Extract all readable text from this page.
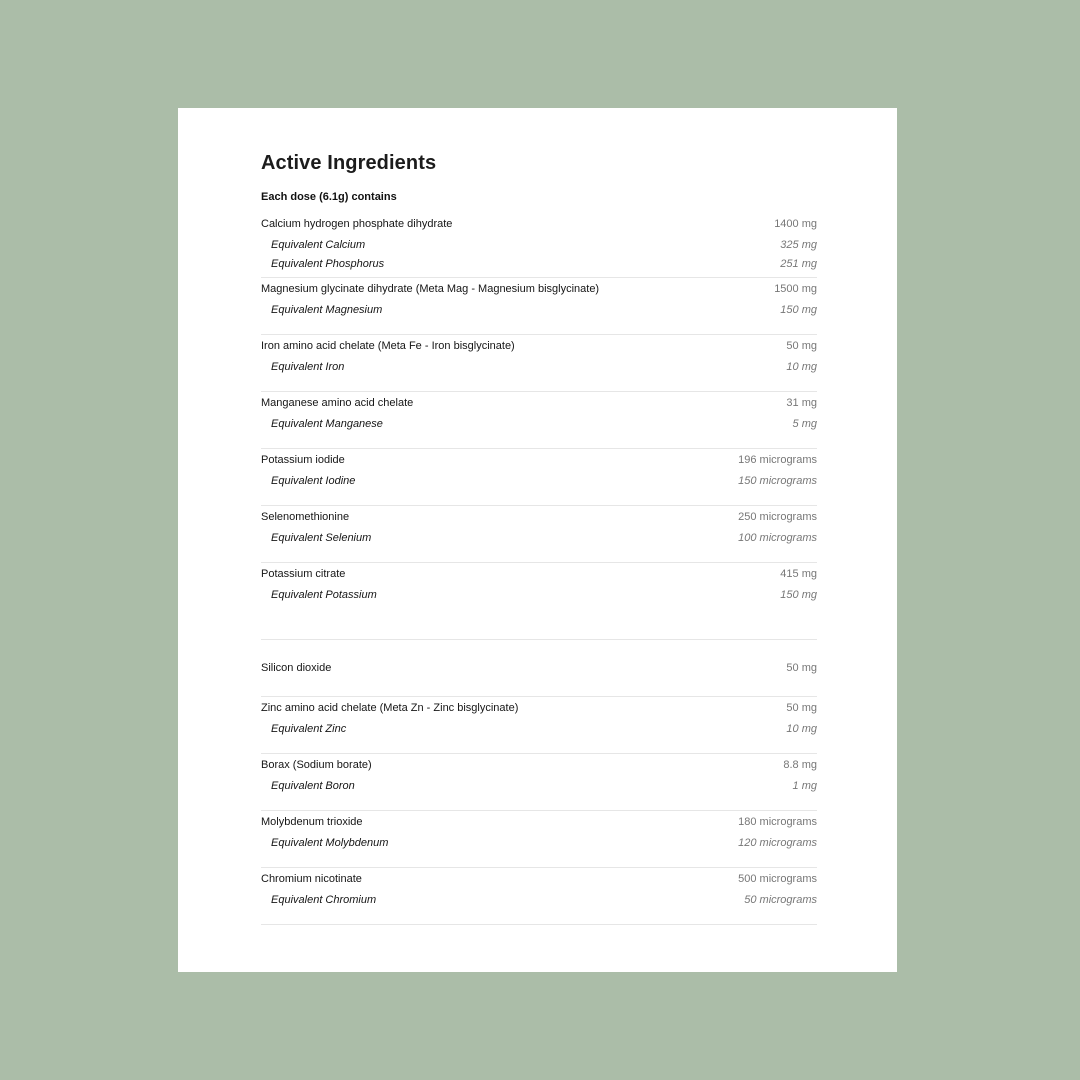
Active Ingredients
Each dose (6.1g) contains
Calcium hydrogen phosphate dihydrate	1400 mg
Equivalent Calcium	325 mg
Equivalent Phosphorus	251 mg
Magnesium glycinate dihydrate (Meta Mag - Magnesium bisglycinate)	1500 mg
Equivalent Magnesium	150 mg
Iron amino acid chelate (Meta Fe - Iron bisglycinate)	50 mg
Equivalent Iron	10 mg
Manganese amino acid chelate	31 mg
Equivalent Manganese	5 mg
Potassium iodide	196 micrograms
Equivalent Iodine	150 micrograms
Selenomethionine	250 micrograms
Equivalent Selenium	100 micrograms
Potassium citrate	415 mg
Equivalent Potassium	150 mg
Silicon dioxide	50 mg
Zinc amino acid chelate (Meta Zn - Zinc bisglycinate)	50 mg
Equivalent Zinc	10 mg
Borax (Sodium borate)	8.8 mg
Equivalent Boron	1 mg
Molybdenum trioxide	180 micrograms
Equivalent Molybdenum	120 micrograms
Chromium nicotinate	500 micrograms
Equivalent Chromium	50 micrograms
